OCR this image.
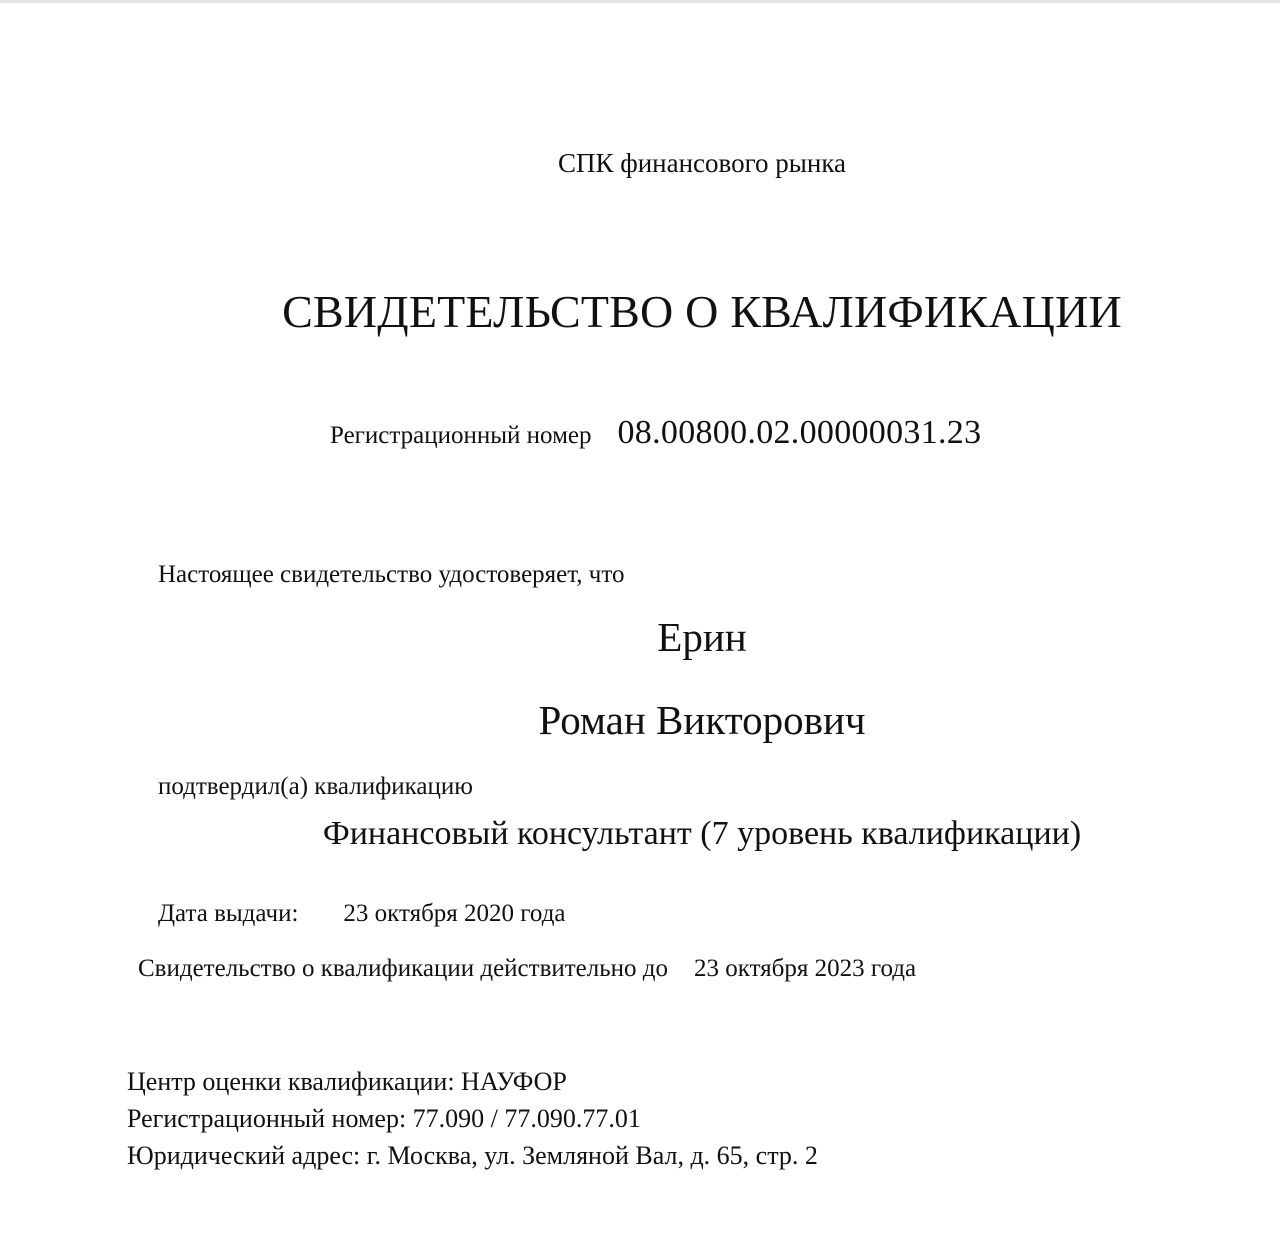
СПК финансового рынка
СВИДЕТЕЛЬСТВО О КВАЛИФИКАЦИИ
Регистрационный номер 08.00800.02.00000031.23
Настоящее свидетельство удостоверяет, что
Ерин
Роман Викторович
подтвердил(а) квалификацию
Финансовый консультант (7 уровень квалификации)
Дата выдачи: 23 октября 2020 года
Свидетельство о квалификации действительно до 23 октября 2023 года
Центр оценки квалификации: НАУФОР
Регистрационный номер: 77.090 / 77.090.77.01
Юридический адрес: г. Москва, ул. Земляной Вал, д. 65, стр. 2
